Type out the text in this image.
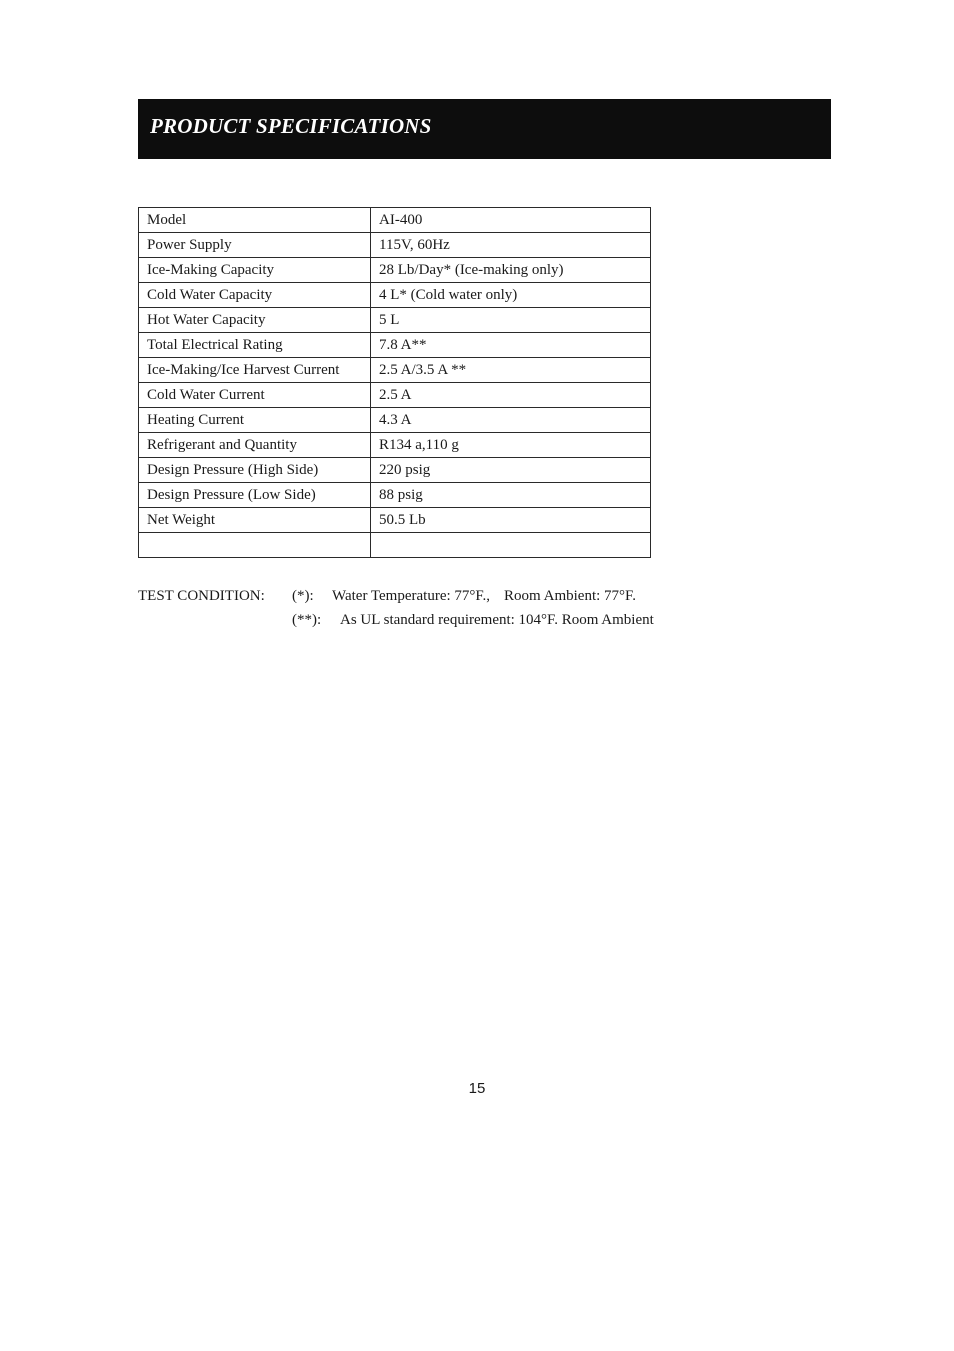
PRODUCT SPECIFICATIONS
Model	AI-400
Power Supply	115V, 60Hz
Ice-Making Capacity	28 Lb/Day* (Ice-making only)
Cold Water Capacity	4 L* (Cold water only)
Hot Water Capacity	5 L
Total Electrical Rating	7.8 A**
Ice-Making/Ice Harvest Current	2.5 A/3.5 A **
Cold Water Current	2.5 A
Heating Current	4.3 A
Refrigerant and Quantity	R134 a,110 g
Design Pressure (High Side)	220 psig
Design Pressure (Low Side)	88 psig
Net Weight	50.5 Lb

TEST CONDITION: (*): Water Temperature: 77°F., Room Ambient: 77°F.
(**): As UL standard requirement: 104°F. Room Ambient
15
